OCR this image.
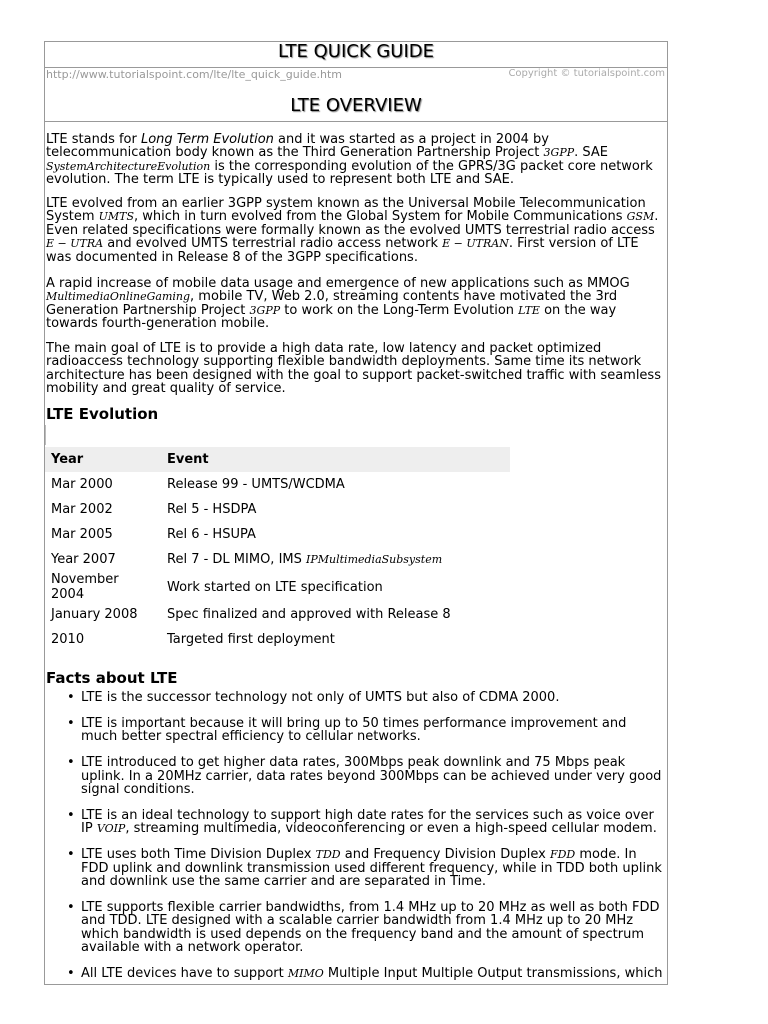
LTE QUICK GUIDE
http://www.tutorialspoint.com/lte/lte_quick_guide.htm	Copyright © tutorialspoint.com
LTE OVERVIEW
LTE stands for Long Term Evolution and it was started as a project in 2004 by telecommunication body known as the Third Generation Partnership Project 3GPP. SAE SystemArchitectureEvolution is the corresponding evolution of the GPRS/3G packet core network evolution. The term LTE is typically used to represent both LTE and SAE.
LTE evolved from an earlier 3GPP system known as the Universal Mobile Telecommunication System UMTS, which in turn evolved from the Global System for Mobile Communications GSM. Even related specifications were formally known as the evolved UMTS terrestrial radio access E − UTRA and evolved UMTS terrestrial radio access network E − UTRAN. First version of LTE was documented in Release 8 of the 3GPP specifications.
A rapid increase of mobile data usage and emergence of new applications such as MMOG MultimediaOnlineGaming, mobile TV, Web 2.0, streaming contents have motivated the 3rd Generation Partnership Project 3GPP to work on the Long-Term Evolution LTE on the way towards fourth-generation mobile.
The main goal of LTE is to provide a high data rate, low latency and packet optimized radioaccess technology supporting flexible bandwidth deployments. Same time its network architecture has been designed with the goal to support packet-switched traffic with seamless mobility and great quality of service.
LTE Evolution
Year	Event
Mar 2000	Release 99 - UMTS/WCDMA
Mar 2002	Rel 5 - HSDPA
Mar 2005	Rel 6 - HSUPA
Year 2007	Rel 7 - DL MIMO, IMS IPMultimediaSubsystem
November 2004	Work started on LTE specification
January 2008	Spec finalized and approved with Release 8
2010	Targeted first deployment
Facts about LTE
• LTE is the successor technology not only of UMTS but also of CDMA 2000.
• LTE is important because it will bring up to 50 times performance improvement and much better spectral efficiency to cellular networks.
• LTE introduced to get higher data rates, 300Mbps peak downlink and 75 Mbps peak uplink. In a 20MHz carrier, data rates beyond 300Mbps can be achieved under very good signal conditions.
• LTE is an ideal technology to support high date rates for the services such as voice over IP VOIP, streaming multimedia, videoconferencing or even a high-speed cellular modem.
• LTE uses both Time Division Duplex TDD and Frequency Division Duplex FDD mode. In FDD uplink and downlink transmission used different frequency, while in TDD both uplink and downlink use the same carrier and are separated in Time.
• LTE supports flexible carrier bandwidths, from 1.4 MHz up to 20 MHz as well as both FDD and TDD. LTE designed with a scalable carrier bandwidth from 1.4 MHz up to 20 MHz which bandwidth is used depends on the frequency band and the amount of spectrum available with a network operator.
• All LTE devices have to support MIMO Multiple Input Multiple Output transmissions, which
